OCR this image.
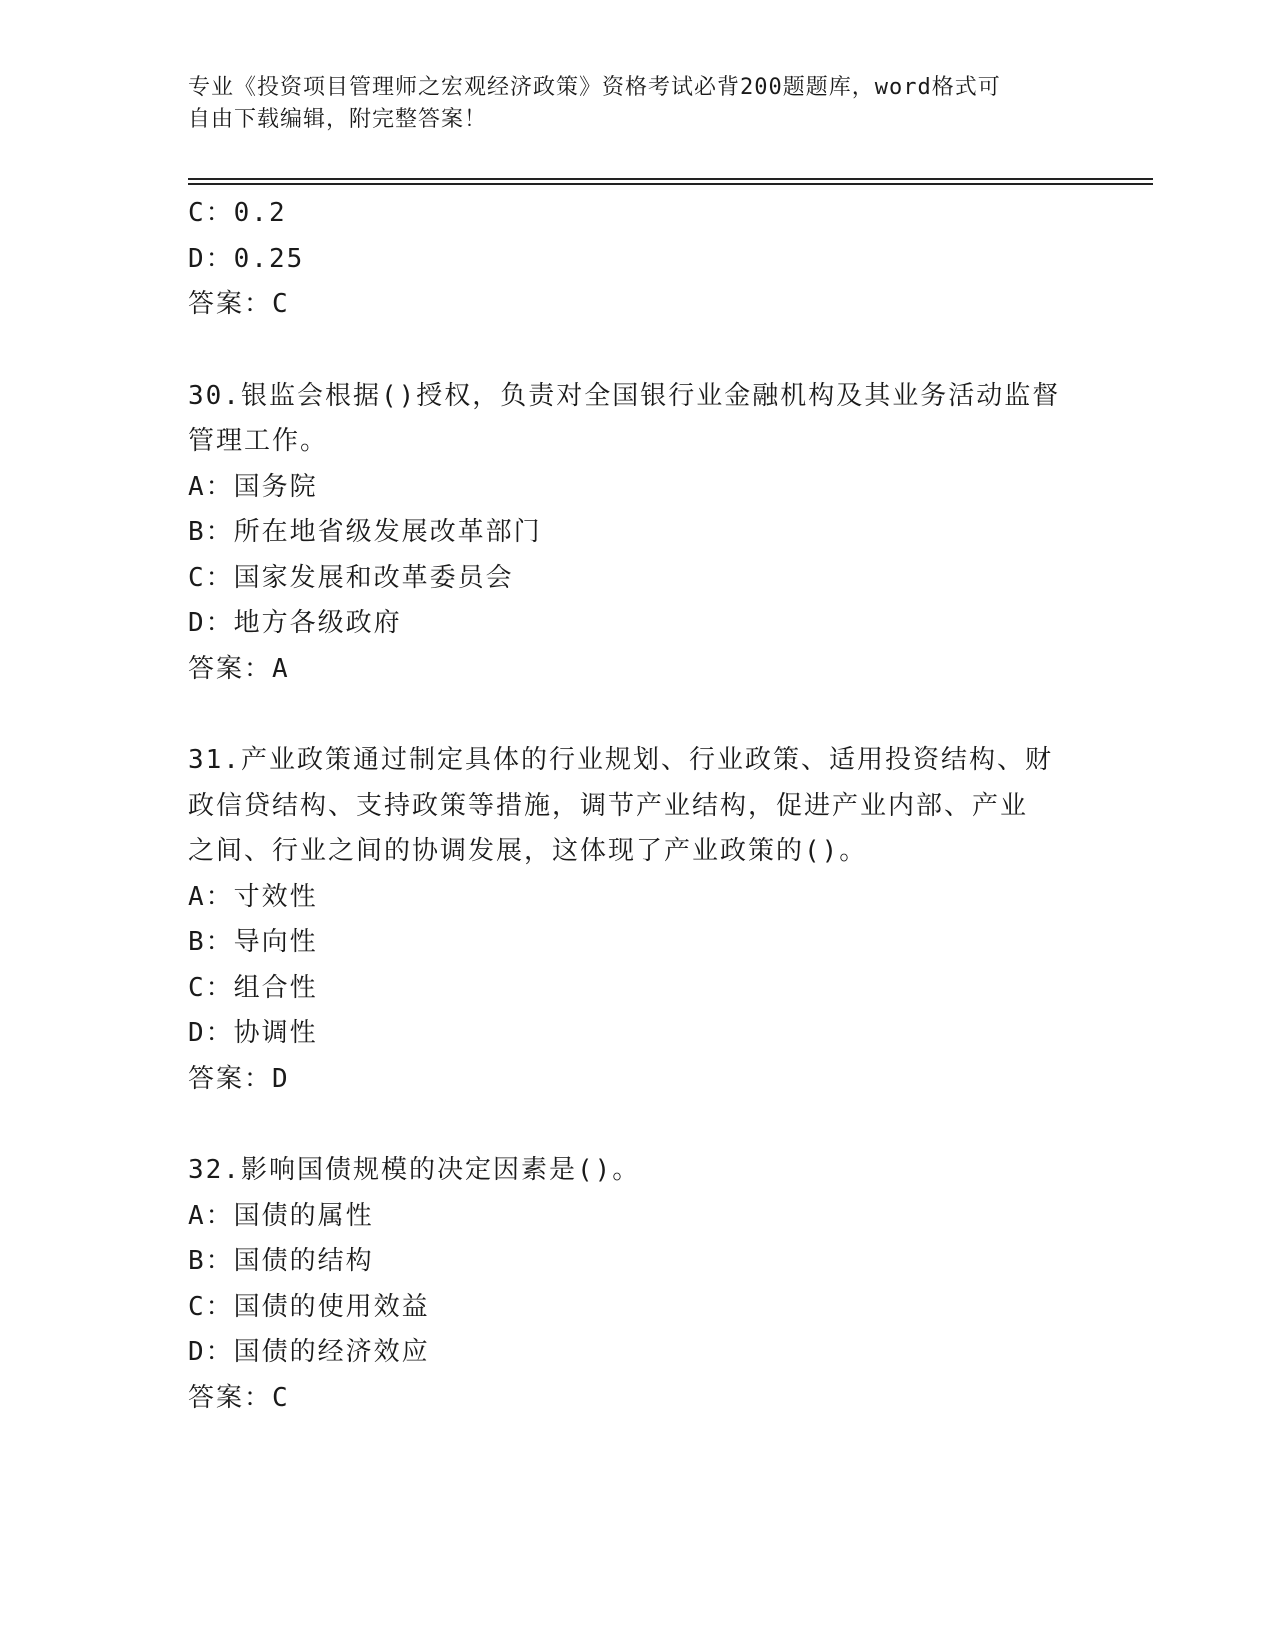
专业《投资项目管理师之宏观经济政策》资格考试必背200题题库，word格式可
自由下载编辑，附完整答案！
C：0.2
D：0.25
答案：C
30.银监会根据()授权，负责对全国银行业金融机构及其业务活动监督
管理工作。
A：国务院
B：所在地省级发展改革部门
C：国家发展和改革委员会
D：地方各级政府
答案：A
31.产业政策通过制定具体的行业规划、行业政策、适用投资结构、财
政信贷结构、支持政策等措施，调节产业结构，促进产业内部、产业
之间、行业之间的协调发展，这体现了产业政策的()。
A：寸效性
B：导向性
C：组合性
D：协调性
答案：D
32.影响国债规模的决定因素是()。
A：国债的属性
B：国债的结构
C：国债的使用效益
D：国债的经济效应
答案：C
